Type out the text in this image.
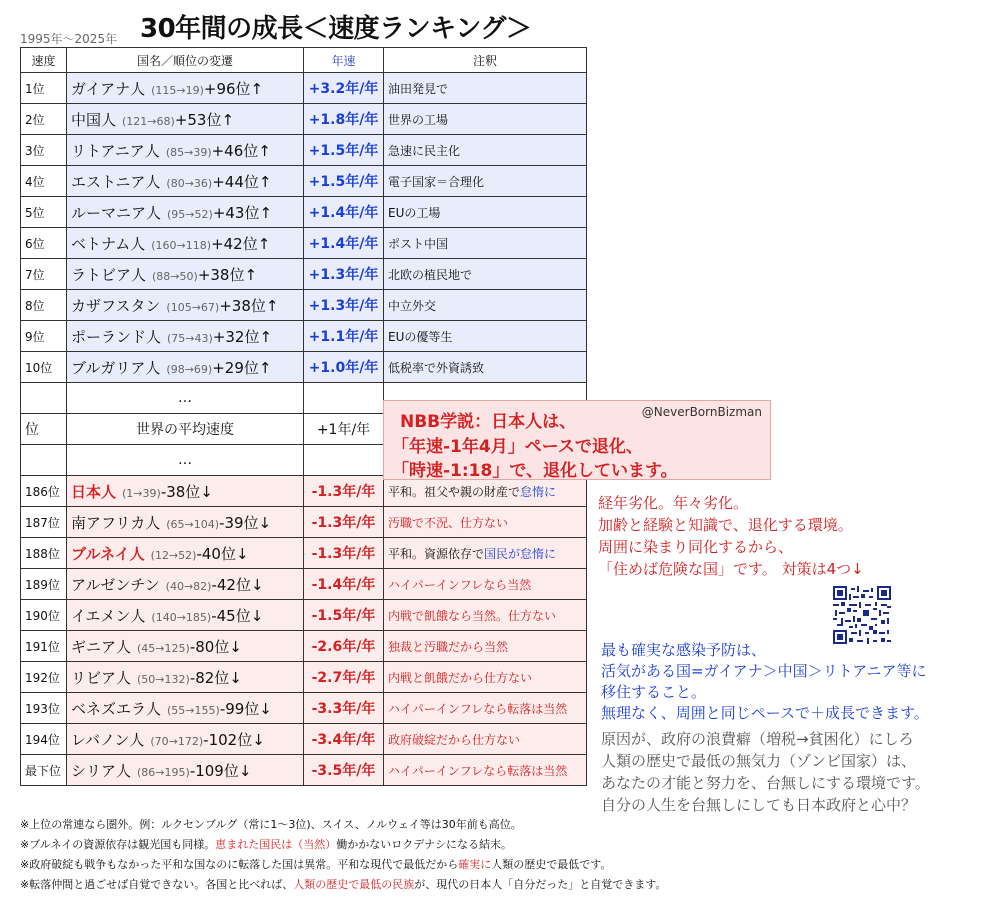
1995年～2025年 30年間の成長＜速度ランキング＞
速度	国名／順位の変遷	年速	注釈
1位	ガイアナ人 (115→19)+96位↑	+3.2年/年	油田発見で
2位	中国人 (121→68)+53位↑	+1.8年/年	世界の工場
3位	リトアニア人 (85→39)+46位↑	+1.5年/年	急速に民主化
4位	エストニア人 (80→36)+44位↑	+1.5年/年	電子国家＝合理化
5位	ルーマニア人 (95→52)+43位↑	+1.4年/年	EUの工場
6位	ベトナム人 (160→118)+42位↑	+1.4年/年	ポスト中国
7位	ラトビア人 (88→50)+38位↑	+1.3年/年	北欧の植民地で
8位	カザフスタン (105→67)+38位↑	+1.3年/年	中立外交
9位	ポーランド人 (75→43)+32位↑	+1.1年/年	EUの優等生
10位	ブルガリア人 (98→69)+29位↑	+1.0年/年	低税率で外資誘致
	…		
位	世界の平均速度	+1年/年	
	…		
186位	日本人 (1→39)-38位↓	-1.3年/年	平和。祖父や親の財産で怠惰に
187位	南アフリカ人 (65→104)-39位↓	-1.3年/年	汚職で不況、仕方ない
188位	ブルネイ人 (12→52)-40位↓	-1.3年/年	平和。資源依存で国民が怠惰に
189位	アルゼンチン (40→82)-42位↓	-1.4年/年	ハイパーインフレなら当然
190位	イエメン人 (140→185)-45位↓	-1.5年/年	内戦で飢餓なら当然。仕方ない
191位	ギニア人 (45→125)-80位↓	-2.6年/年	独裁と汚職だから当然
192位	リビア人 (50→132)-82位↓	-2.7年/年	内戦と飢餓だから仕方ない
193位	ベネズエラ人 (55→155)-99位↓	-3.3年/年	ハイパーインフレなら転落は当然
194位	レバノン人 (70→172)-102位↓	-3.4年/年	政府破綻だから仕方ない
最下位	シリア人 (86→195)-109位↓	-3.5年/年	ハイパーインフレなら転落は当然
@NeverBornBizman
NBB学説：日本人は、
「年速-1年4月」ペースで退化、
「時速-1:18」で、退化しています。
経年劣化。年々劣化。
加齢と経験と知識で、退化する環境。
周囲に染まり同化するから、
「住めば危険な国」です。 対策は4つ↓
最も確実な感染予防は、
活気がある国=ガイアナ＞中国＞リトアニア等に
移住すること。
無理なく、周囲と同じペースで＋成長できます。
原因が、政府の浪費癖（増税→貧困化）にしろ
人類の歴史で最低の無気力（ゾンビ国家）は、
あなたの才能と努力を、台無しにする環境です。
自分の人生を台無しにしても日本政府と心中？
※上位の常連なら圏外。例：ルクセンブルグ（常に1～3位)、スイス、ノルウェイ等は30年前も高位。
※ブルネイの資源依存は観光国も同様。恵まれた国民は（当然）働かかないロクデナシになる結末。
※政府破綻も戦争もなかった平和な国なのに転落した国は異常。平和な現代で最低だから確実に人類の歴史で最低です。
※転落仲間と過ごせば自覚できない。各国と比べれば、人類の歴史で最低の民族が、現代の日本人「自分だった」と自覚できます。
